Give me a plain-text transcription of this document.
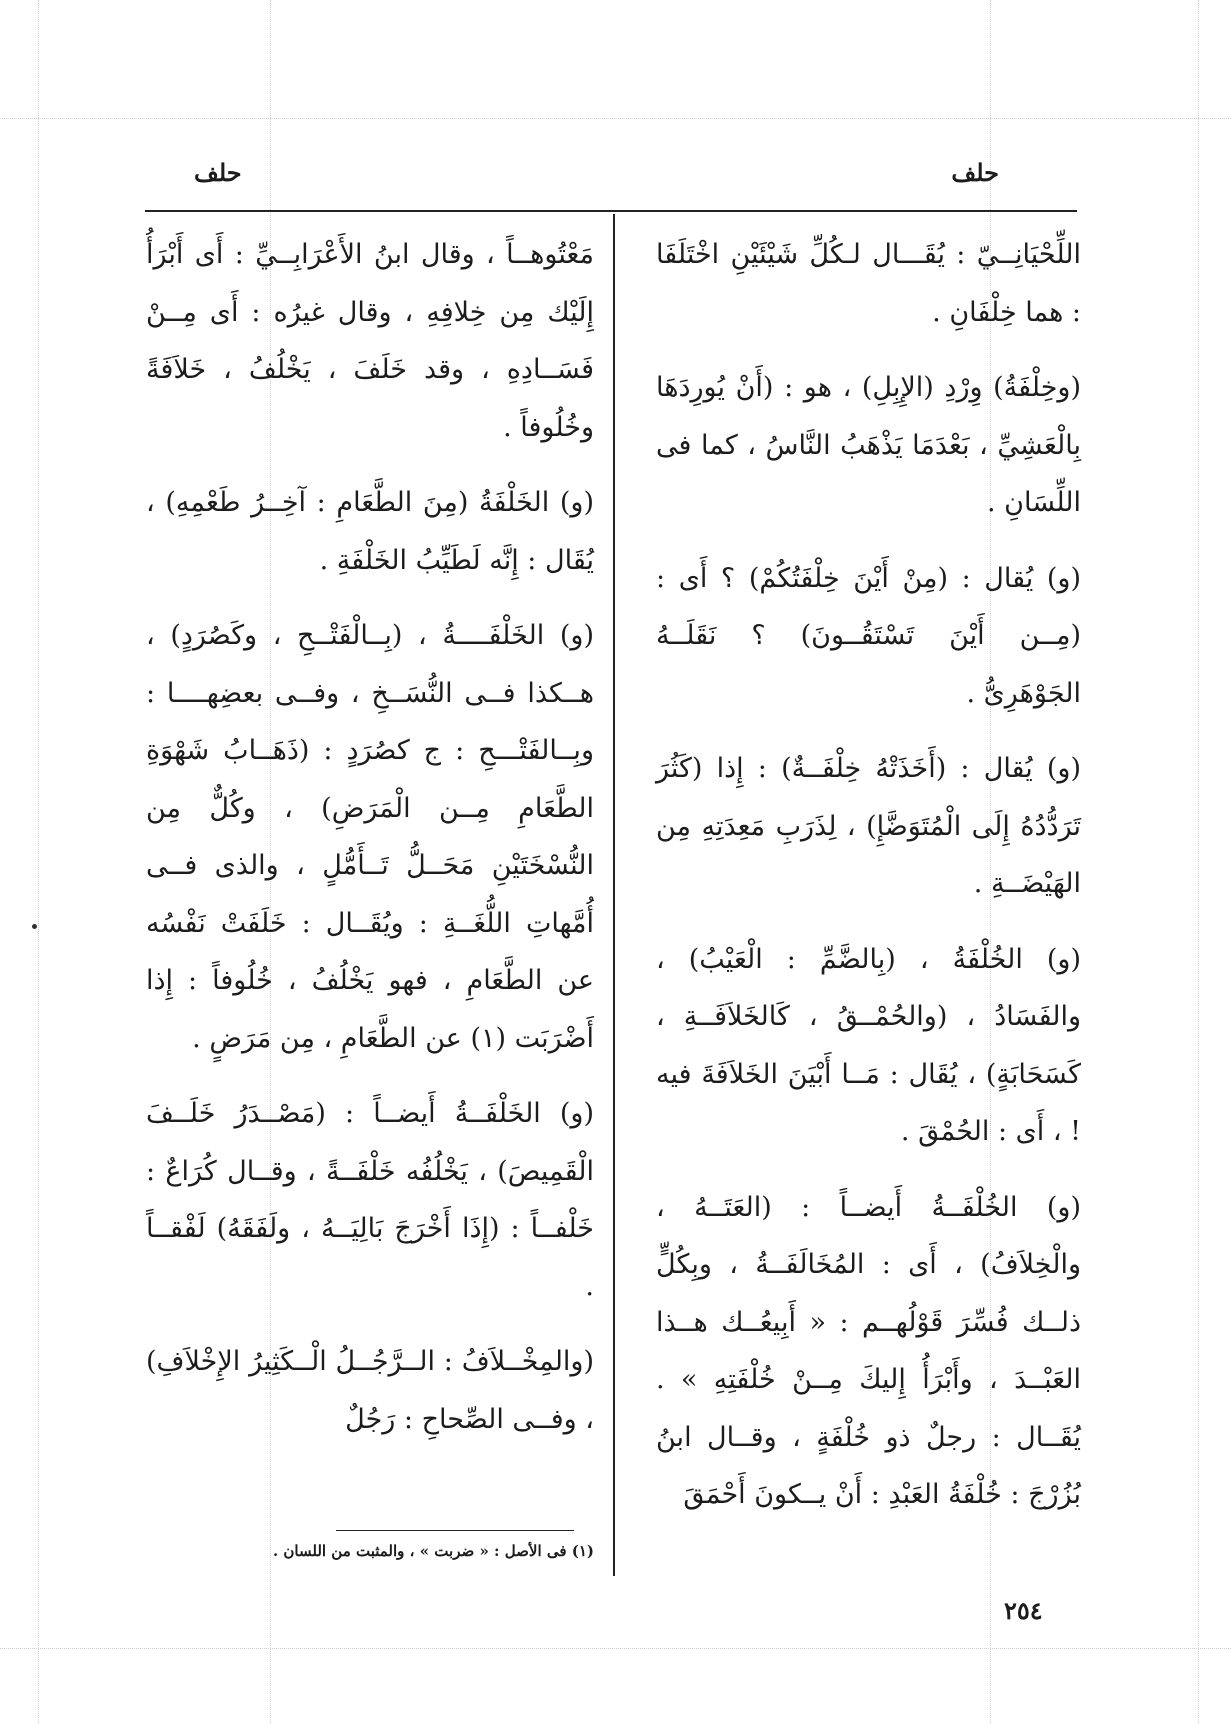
حلف
حلف

اللِّحْيَانِــيّ : يُقَـــال لـكُلِّ شَيْئَيْنِ اخْتَلَفَا : هما خِلْفَانِ .

(وخِلْفَةُ) وِرْدِ (الإِبِلِ) ، هو : (أَنْ يُورِدَهَا بِالْعَشِيِّ ، بَعْدَمَا يَذْهَبُ النَّاسُ ، كما فى اللِّسَانِ .

(و) يُقال : (مِنْ أَيْنَ خِلْفَتُكُمْ) ؟ أَى : (مِــن أَيْنَ تَسْتَقُــونَ) ؟ نَقَلَــهُ الجَوْهَرِىُّ .

(و) يُقال : (أَخَذَتْهُ خِلْفَــةٌ) : إِذا (كَثُرَ تَرَدُّدُهُ إِلَى الْمُتَوَضَّإِ) ، لِذَرَبِ مَعِدَتِهِ مِن الهَيْضَــةِ .

(و) الخُلْفَةُ ، (بِالضَّمِّ : الْعَيْبُ) ، والفَسَادُ ، (والحُمْــقُ ، كَالخَلاَفَــةِ ، كَسَحَابَةٍ) ، يُقَال : مَــا أَبْيَنَ الخَلاَفَةَ فيه ! ، أَى : الحُمْقَ .

(و) الخُلْفَــةُ أَيضــاً : (العَتَــهُ ، والْخِلاَفُ) ، أَى : المُخَالَفَــةُ ، وبِكُلٍّ ذلــك فُسِّرَ قَوْلُهــم : « أَبِيعُــك هــذا العَبْــدَ ، وأَبْرَأُ إِليكَ مِــنْ خُلْفَتِهِ » . يُقَــال : رجلٌ ذو خُلْفَةٍ ، وقــال ابنُ بُزُرْجَ : خُلْفَةُ العَبْدِ : أَنْ يــكونَ أَحْمَقَ

مَعْتُوهــاً ، وقال ابنُ الأَعْرَابِــيِّ : أَى أَبْرَأُ إِلَيْك مِن خِلافِهِ ، وقال غيرُه : أَى مِــنْ فَسَــادِهِ ، وقد خَلَفَ ، يَخْلُفُ ، خَلاَفَةً وخُلُوفاً .

(و) الخَلْفَةُ (مِنَ الطَّعَامِ : آخِــرُ طَعْمِهِ) ، يُقَال : إِنَّه لَطَيِّبُ الخَلْفَةِ .

(و) الخَلْفَــــةُ ، (بِــالْفَتْــحِ ، وكَصُرَدٍ) ، هــكذا فــى النُّسَــخِ ، وفــى بعضِهــــا : وبِــالفَتْـــحِ : ج كصُرَدٍ : (ذَهَــابُ شَهْوَةِ الطَّعَامِ مِــن الْمَرَضِ) ، وكُلٌّ مِن النُّسْخَتَيْنِ مَحَــلُّ تَــأَمُّلٍ ، والذى فــى أُمَّهاتِ اللُّغَــةِ : ويُقَــال : خَلَفَتْ نَفْسُه عن الطَّعَامِ ، فهو يَخْلُفُ ، خُلُوفاً : إِذا أَضْرَبَت (١) عن الطَّعَامِ ، مِن مَرَضٍ .

(و) الخَلْفَــةُ أَيضــاً : (مَصْــدَرُ خَلَــفَ الْقَمِيصَ) ، يَخْلُفُه خَلْفَــةً ، وقــال كُرَاعٌ : خَلْفــاً : (إِذَا أَخْرَجَ بَالِيَــهُ ، ولَفَقَهُ) لَفْقــاً .

(والمِخْــلاَفُ : الــرَّجُــلُ الْــكَثِيرُ الإِخْلاَفِ) ، وفــى الصِّحاحِ : رَجُلٌ

(١) فى الأصل : « ضربت » ، والمثبت من اللسان .
٢٥٤
